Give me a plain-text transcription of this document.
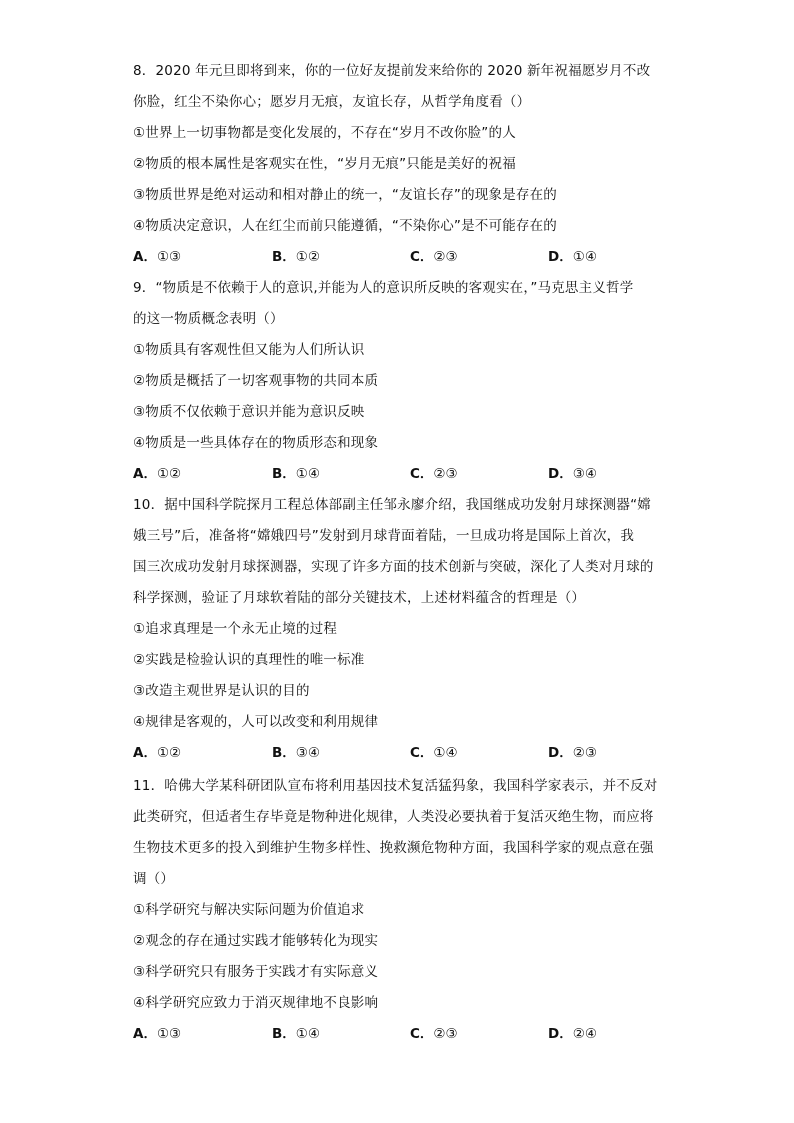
8．2020 年元旦即将到来，你的一位好友提前发来给你的 2020 新年祝福愿岁月不改
你脸，红尘不染你心；愿岁月无痕，友谊长存，从哲学角度看（）
①世界上一切事物都是变化发展的，不存在“岁月不改你脸”的人
②物质的根本属性是客观实在性，“岁月无痕”只能是美好的祝福
③物质世界是绝对运动和相对静止的统一，“友谊长存”的现象是存在的
④物质决定意识，人在红尘而前只能遵循，“不染你心”是不可能存在的
A．①③	B．①②	C．②③	D．①④
9．“物质是不依赖于人的意识,并能为人的意识所反映的客观实在，”马克思主义哲学
的这一物质概念表明（）
①物质具有客观性但又能为人们所认识
②物质是概括了一切客观事物的共同本质
③物质不仅依赖于意识并能为意识反映
④物质是一些具体存在的物质形态和现象
A．①②	B．①④	C．②③	D．③④
10．据中国科学院探月工程总体部副主任邹永廖介绍，我国继成功发射月球探测器“嫦
娥三号”后，准备将“嫦娥四号”发射到月球背面着陆，一旦成功将是国际上首次，我
国三次成功发射月球探测器，实现了许多方面的技术创新与突破，深化了人类对月球的
科学探测，验证了月球软着陆的部分关键技术，上述材料蕴含的哲理是（）
①追求真理是一个永无止境的过程
②实践是检验认识的真理性的唯一标准
③改造主观世界是认识的目的
④规律是客观的，人可以改变和利用规律
A．①②	B．③④	C．①④	D．②③
11．哈佛大学某科研团队宣布将利用基因技术复活猛犸象，我国科学家表示，并不反对
此类研究，但适者生存毕竟是物种进化规律，人类没必要执着于复活灭绝生物，而应将
生物技术更多的投入到维护生物多样性、挽救濒危物种方面，我国科学家的观点意在强
调（）
①科学研究与解决实际问题为价值追求
②观念的存在通过实践才能够转化为现实
③科学研究只有服务于实践才有实际意义
④科学研究应致力于消灭规律地不良影响
A．①③	B．①④	C．②③	D．②④
